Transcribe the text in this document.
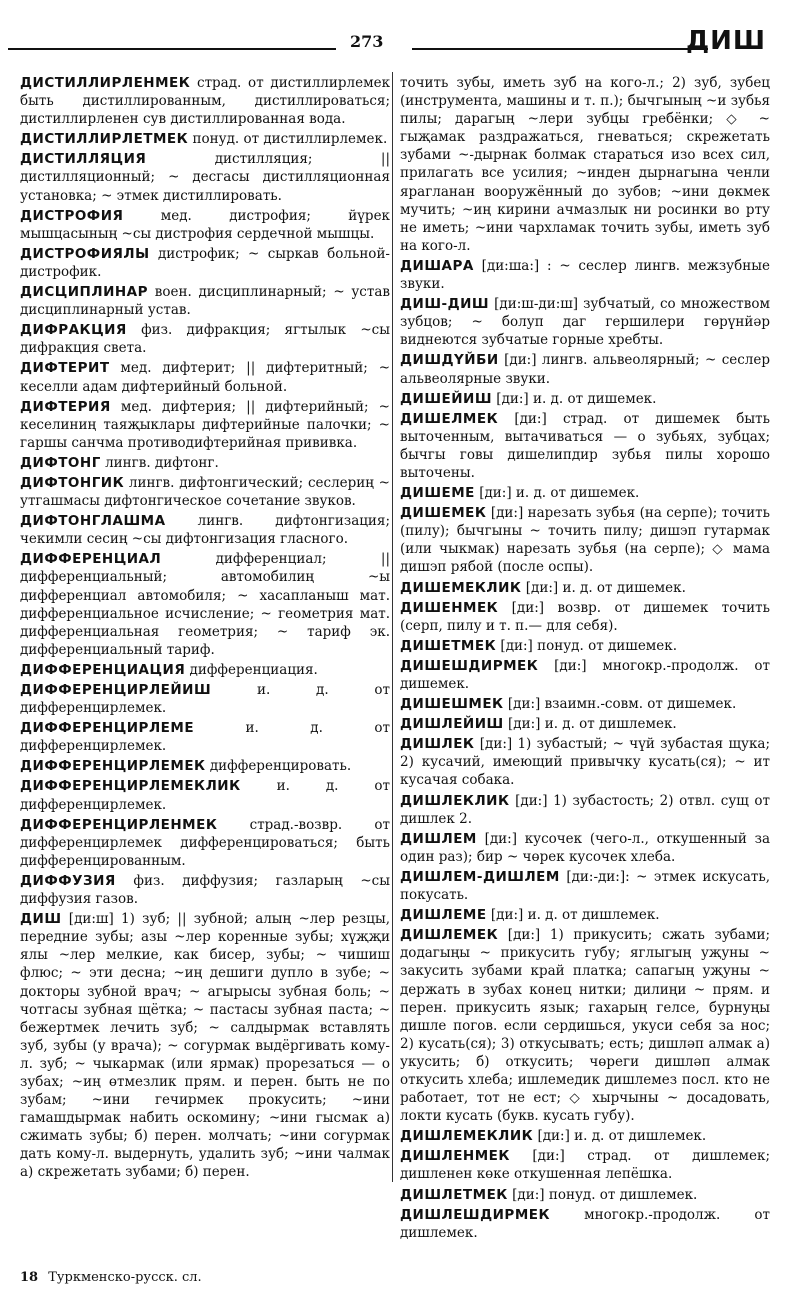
273	ДИШ
ДИСТИЛЛИРЛЕНМЕК страд. от дистиллирлемек быть дистиллированным, дистиллироваться; дистиллирленен сув дистиллированная вода.
ДИСТИЛЛИРЛЕТМЕК понуд. от дистиллирлемек.
ДИСТИЛЛЯЦИЯ	дистилляция; || дистилляционный; ~ десгасы дистилляционная установка; ~ этмек дистиллировать.
ДИСТРОФИЯ	мед. дистрофия; йүрек мышцасының ~сы дистрофия сердечной мышцы.
ДИСТРОФИЯЛЫ дистрофик; ~ сыркав больной-дистрофик.
ДИСЦИПЛИНАР воен. дисциплинарный; ~ устав дисциплинарный устав.
ДИФРАКЦИЯ физ. дифракция; ягтылык ~сы дифракция света.
ДИФТЕРИТ мед. дифтерит; || дифтеритный; ~ кеселли адам дифтерийный больной.
ДИФТЕРИЯ мед. дифтерия; || дифтерийный; ~ кеселиниң таяҗыклары дифтерийные палочки; ~ гаршы санчма противодифтерийная прививка.
ДИФТОНГ лингв. дифтонг.
ДИФТОНГИК лингв. дифтонгический; сеслериң ~ утгашмасы дифтонгическое сочетание звуков.
ДИФТОНГЛАШМА лингв. дифтонгизация; чекимли сесиң ~сы дифтонгизация гласного.
ДИФФЕРЕНЦИАЛ	дифференциал; || дифференциальный; автомобилиң ~ы дифференциал автомобиля; ~ хасапланыш мат. дифференциальное исчисление; ~ геометрия мат. дифференциальная геометрия; ~ тариф эк. дифференциальный тариф.
ДИФФЕРЕНЦИАЦИЯ дифференциация.
ДИФФЕРЕНЦИРЛЕЙИШ	и. д. от дифференцирлемек.
ДИФФЕРЕНЦИРЛЕМЕ	и. д. от дифференцирлемек.
ДИФФЕРЕНЦИРЛЕМЕК дифференцировать.
ДИФФЕРЕНЦИРЛЕМЕКЛИК	и. д. от дифференцирлемек.
ДИФФЕРЕНЦИРЛЕНМЕК страд.-возвр. от дифференцирлемек дифференцироваться; быть дифференцированным.
ДИФФУЗИЯ физ. диффузия; газларың ~сы диффузия газов.
ДИШ [ди:ш] 1) зуб; || зубной; алың ~лер резцы, передние зубы; азы ~лер коренные зубы; хүҗҗи ялы ~лер мелкие, как бисер, зубы; ~ чишиш флюс; ~ эти десна; ~иң дешиги дупло в зубе; ~ докторы зубной врач; ~ агырысы зубная боль; ~ чотгасы зубная щётка; ~ пастасы зубная паста; ~ бежертмек лечить зуб; ~ салдырмак вставлять зуб, зубы (у врача); ~ согурмак выдёргивать кому-л. зуб; ~ чыкармак (или ярмак) прорезаться — о зубах; ~иң өтмезлик прям. и перен. быть не по зубам; ~ини гечирмек прокусить; ~ини гамашдырмак набить оскомину; ~ини гысмак а) сжимать зубы; б) перен. молчать; ~ини согурмак дать кому-л. выдернуть, удалить зуб; ~ини чалмак а) скрежетать зубами; б) перен.
точить зубы, иметь зуб на кого-л.; 2) зуб, зубец (инструмента, машины и т. п.); бычгының ~и зубья пилы; дарагың ~лери зубцы гребёнки; ◇ ~ гыҗамак раздражаться, гневаться; скрежетать зубами ~-дырнак болмак стараться изо всех сил, прилагать все усилия; ~инден дырнагына ченли ярагланан вооружённый до зубов; ~ини дөкмек мучить; ~иң кирини ачмазлык ни росинки во рту не иметь; ~ини чархламак точить зубы, иметь зуб на кого-л.
ДИШАРА [ди:ша:] : ~ сеслер лингв. межзубные звуки.
ДИШ-ДИШ [ди:ш-ди:ш] зубчатый, со множеством зубцов; ~ болуп даг гершилери гөрүнйәр виднеются зубчатые горные хребты.
ДИШДҮЙБИ [ди:] лингв. альвеолярный; ~ сеслер альвеолярные звуки.
ДИШЕЙИШ [ди:] и. д. от дишемек.
ДИШЕЛМЕК [ди:] страд. от дишемек быть выточенным, вытачиваться — о зубьях, зубцах; бычгы говы дишелипдир зубья пилы хорошо выточены.
ДИШЕМЕ [ди:] и. д. от дишемек.
ДИШЕМЕК [ди:] нарезать зубья (на серпе); точить (пилу); бычгыны ~ точить пилу; дишэп гутармак (или чыкмак) нарезать зубья (на серпе); ◇ мама дишэп рябой (после оспы).
ДИШЕМЕКЛИК [ди:] и. д. от дишемек.
ДИШЕНМЕК [ди:] возвр. от дишемек точить (серп, пилу и т. п.— для себя).
ДИШЕТМЕК [ди:] понуд. от дишемек.
ДИШЕШДИРМЕК [ди:] многокр.-продолж. от дишемек.
ДИШЕШМЕК [ди:] взаимн.-совм. от дишемек.
ДИШЛЕЙИШ [ди:] и. д. от дишлемек.
ДИШЛЕК [ди:] 1) зубастый; ~ чүй зубастая щука; 2) кусачий, имеющий привычку кусать(ся); ~ ит кусачая собака.
ДИШЛЕКЛИК [ди:] 1) зубастость; 2) отвл. сущ от дишлек 2.
ДИШЛЕМ [ди:] кусочек (чего-л., откушенный за один раз); бир ~ чөрек кусочек хлеба.
ДИШЛЕМ-ДИШЛЕМ [ди:-ди:]: ~ этмек искусать, покусать.
ДИШЛЕМЕ [ди:] и. д. от дишлемек.
ДИШЛЕМЕК [ди:] 1) прикусить; сжать зубами; додагыңы ~ прикусить губу; яглыгың уҗуны ~ закусить зубами край платка; сапагың уҗуны ~ держать в зубах конец нитки; дилиңи ~ прям. и перен. прикусить язык; гахарың гелсе, бурнуңы дишле погов. если сердишься, укуси себя за нос; 2) кусать(ся); 3) откусывать; есть; дишләп алмак а) укусить; б) откусить; чөреги дишләп алмак откусить хлеба; ишлемедик дишлемез посл. кто не работает, тот не ест; ◇ хырчыны ~ досадовать, локти кусать (букв. кусать губу).
ДИШЛЕМЕКЛИК [ди:] и. д. от дишлемек.
ДИШЛЕНМЕК [ди:] страд. от дишлемек; дишленен көке откушенная лепёшка.
ДИШЛЕТМЕК [ди:] понуд. от дишлемек.
ДИШЛЕШДИРМЕК	многокр.-продолж. от дишлемек.
18 Туркменско-русск. сл.
